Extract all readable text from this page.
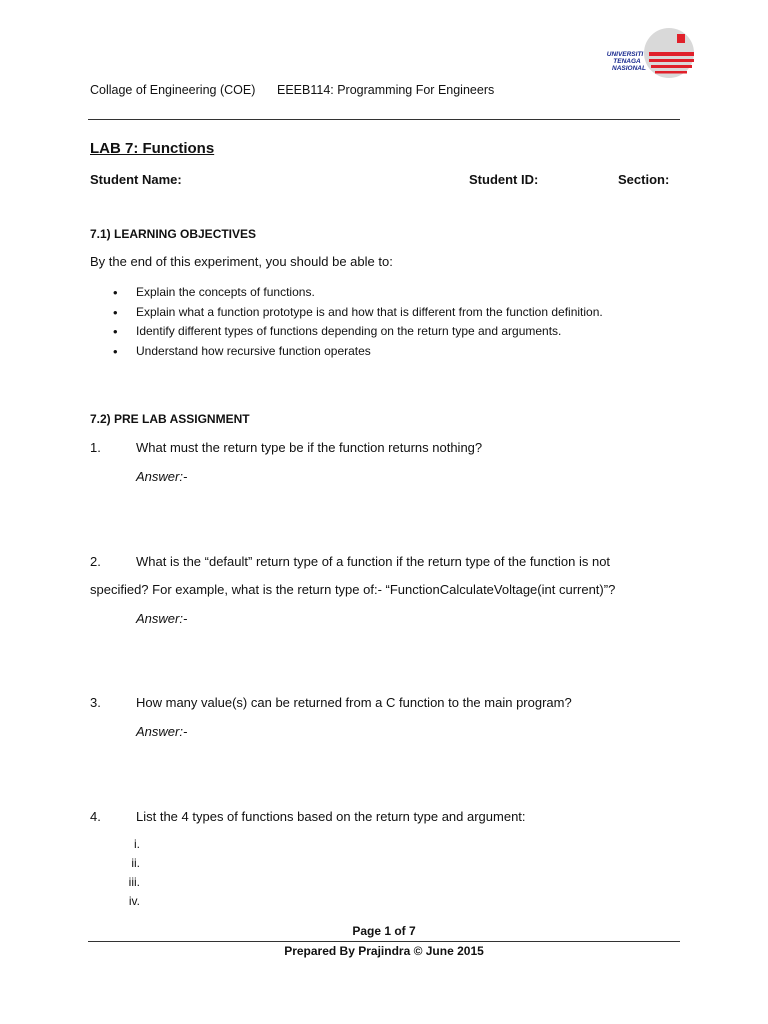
UNIVERSITI
TENAGA
NASIONAL
Collage of Engineering (COE) EEEB114: Programming For Engineers
LAB 7: Functions
Student Name:	Student ID:	Section:
7.1) LEARNING OBJECTIVES
By the end of this experiment, you should be able to:
• Explain the concepts of functions.
• Explain what a function prototype is and how that is different from the function definition.
• Identify different types of functions depending on the return type and arguments.
• Understand how recursive function operates
7.2) PRE LAB ASSIGNMENT
1.	What must the return type be if the function returns nothing?
Answer:-
2.	What is the “default” return type of a function if the return type of the function is not
specified? For example, what is the return type of:- “FunctionCalculateVoltage(int current)”?
Answer:-
3.	How many value(s) can be returned from a C function to the main program?
Answer:-
4.	List the 4 types of functions based on the return type and argument:
i.
ii.
iii.
iv.
Page 1 of 7
Prepared By Prajindra © June 2015
